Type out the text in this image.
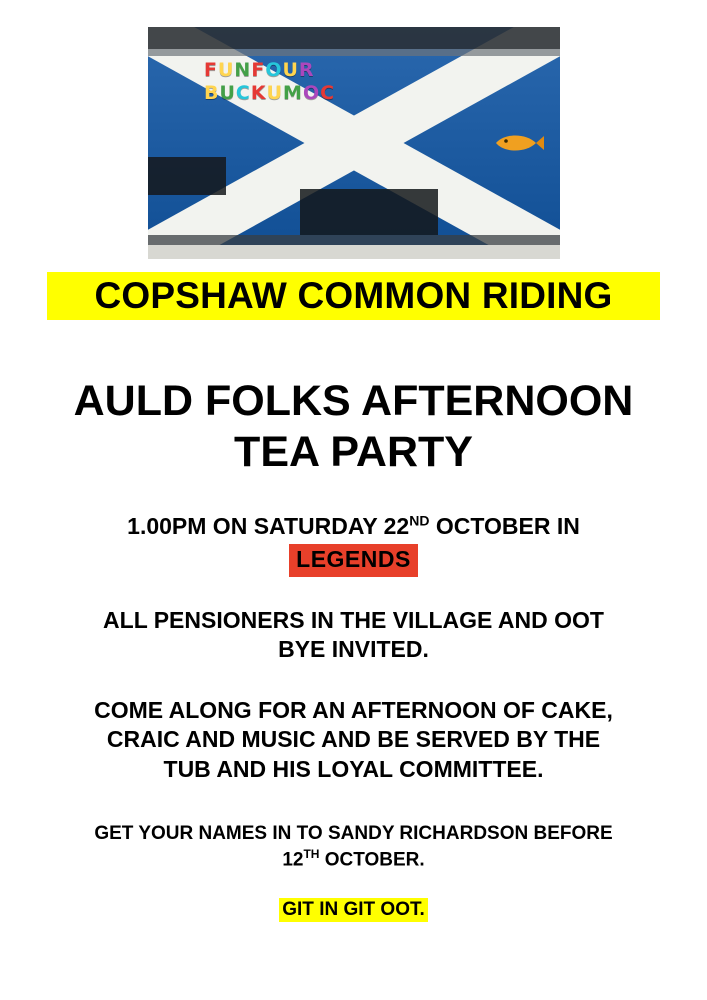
FUNFOUR
BUCKUMOC
COPSHAW COMMON RIDING
AULD FOLKS AFTERNOON
TEA PARTY
1.00PM ON SATURDAY 22ND OCTOBER IN
LEGENDS
ALL PENSIONERS IN THE VILLAGE AND OOT
BYE INVITED.
COME ALONG FOR AN AFTERNOON OF CAKE,
CRAIC AND MUSIC AND BE SERVED BY THE
TUB AND HIS LOYAL COMMITTEE.
GET YOUR NAMES IN TO SANDY RICHARDSON BEFORE
12TH OCTOBER.
GIT IN GIT OOT.
